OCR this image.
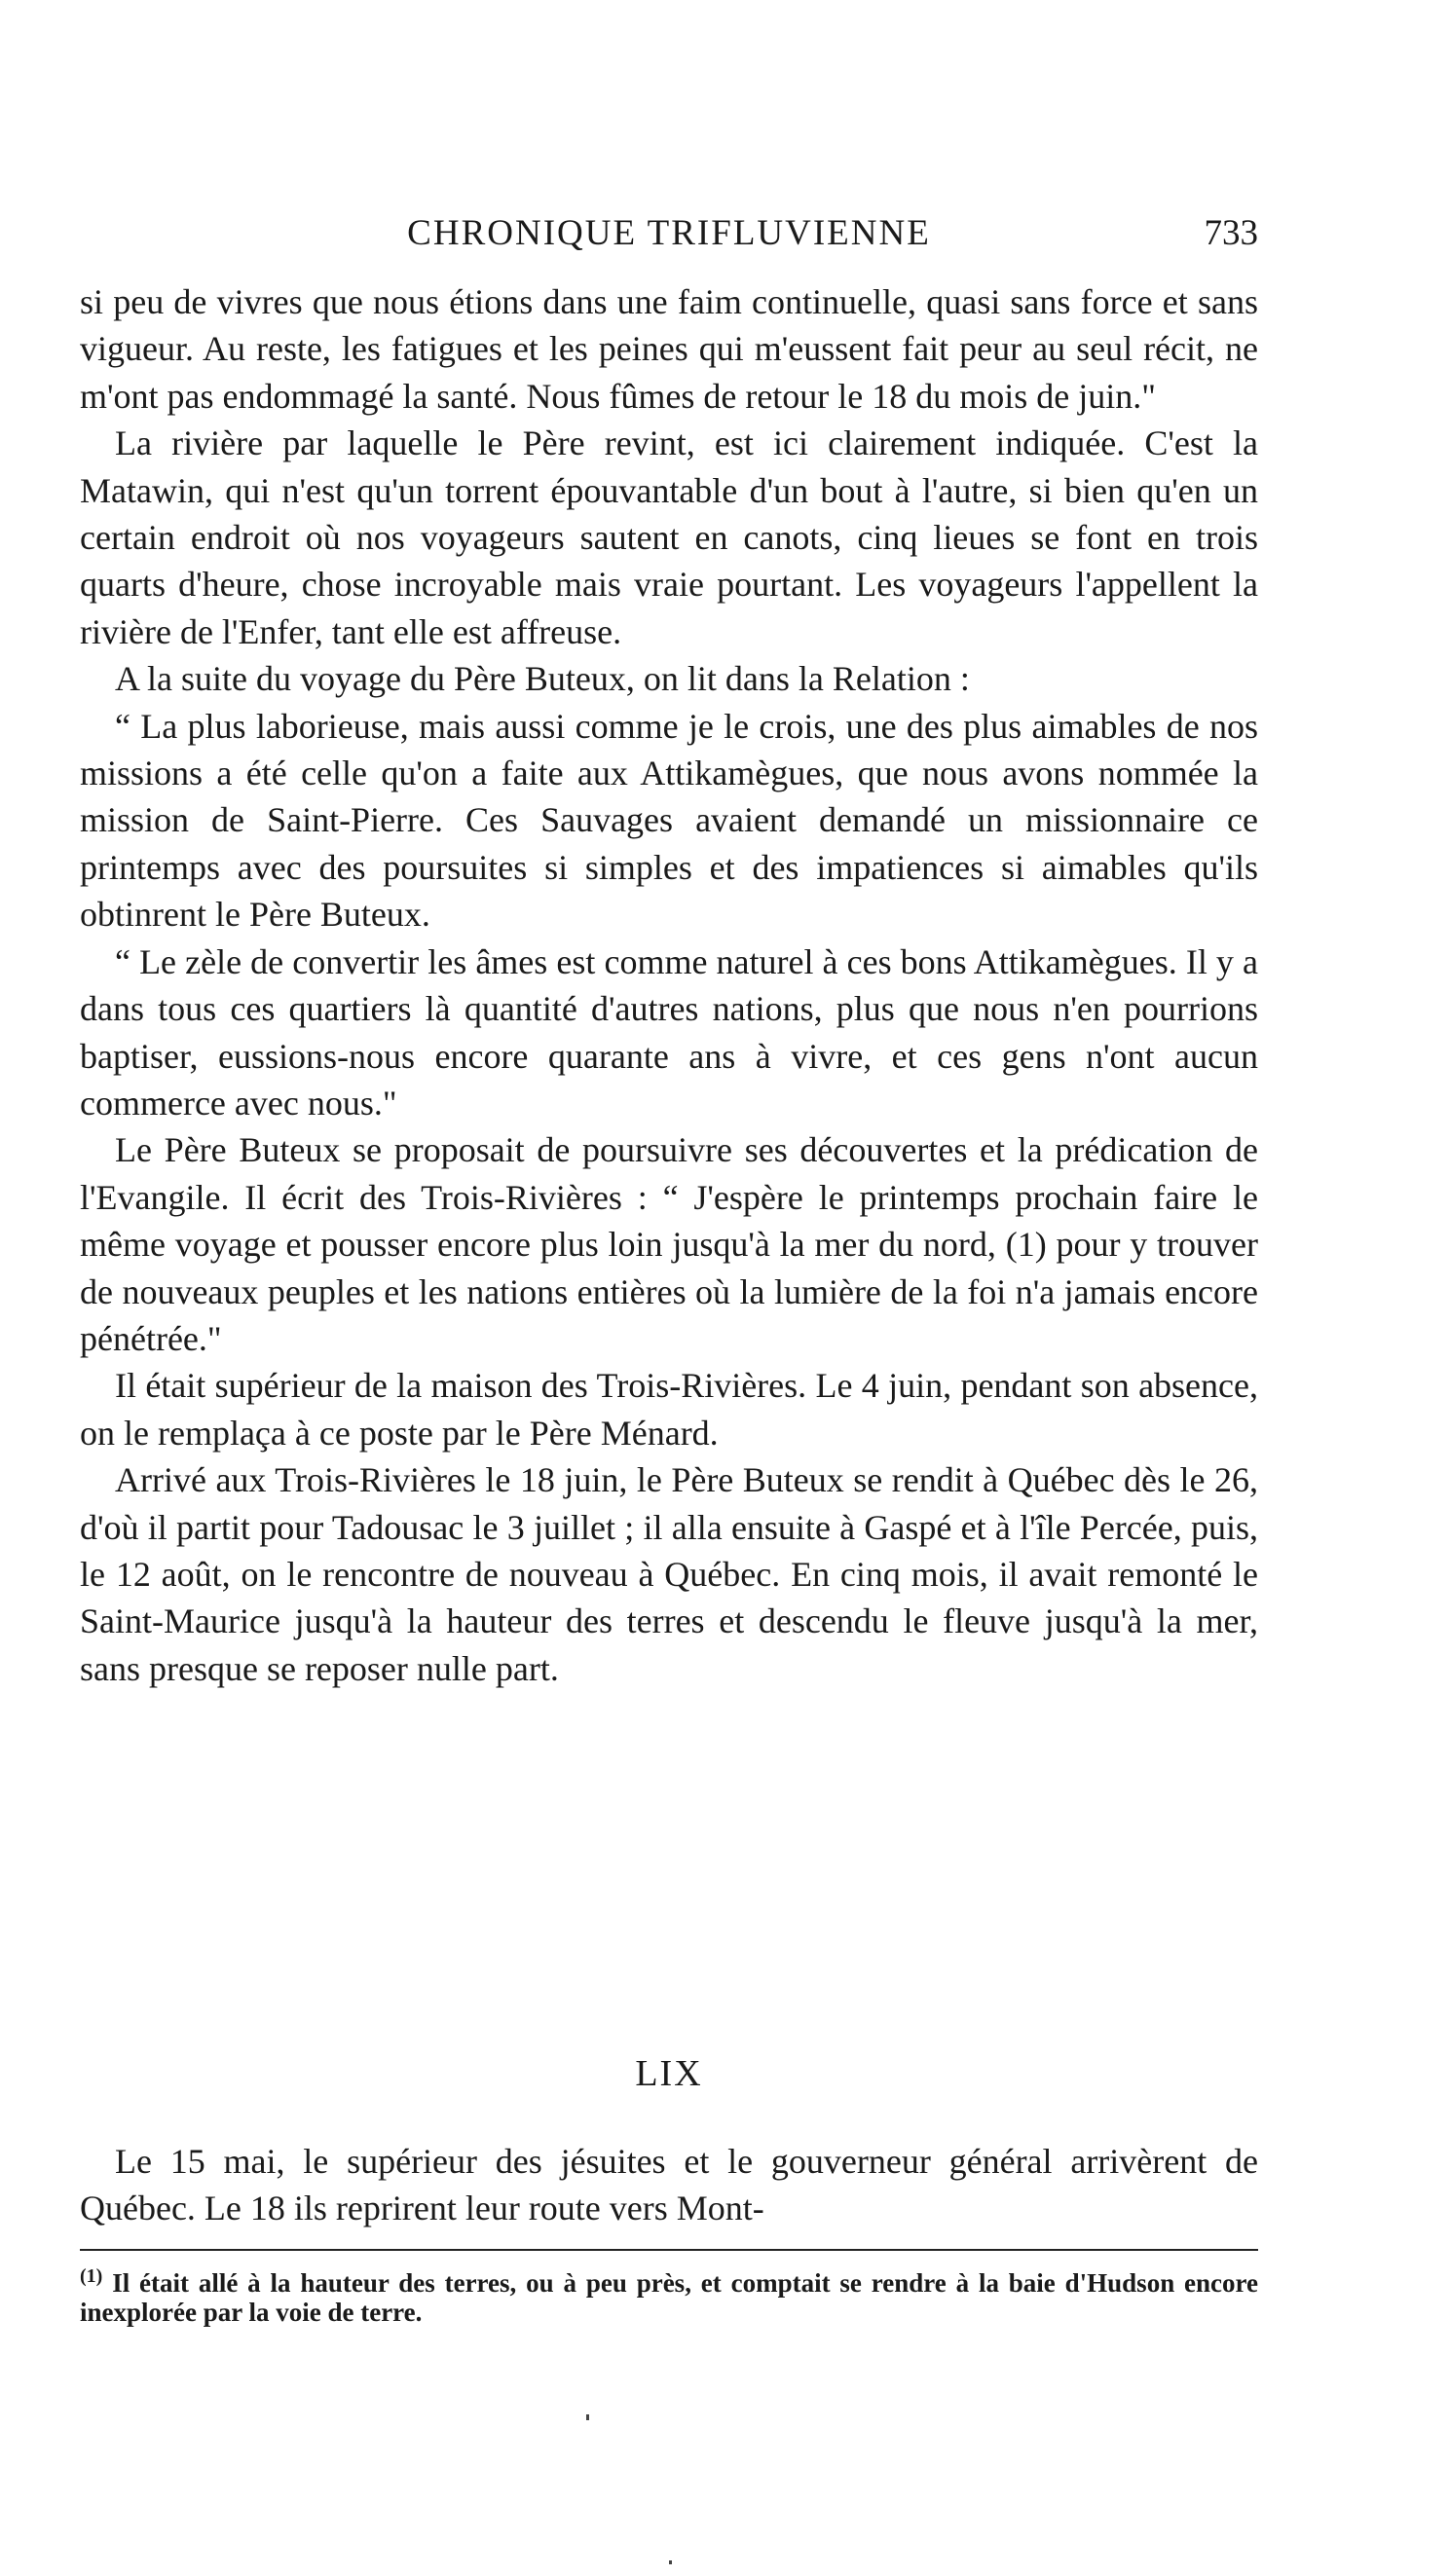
CHRONIQUE TRIFLUVIENNE	733

si peu de vivres que nous étions dans une faim continuelle, quasi sans force et sans vigueur. Au reste, les fatigues et les peines qui m'eussent fait peur au seul récit, ne m'ont pas endommagé la santé. Nous fûmes de retour le 18 du mois de juin."

La rivière par laquelle le Père revint, est ici clairement indiquée. C'est la Matawin, qui n'est qu'un torrent épouvantable d'un bout à l'autre, si bien qu'en un certain endroit où nos voyageurs sautent en canots, cinq lieues se font en trois quarts d'heure, chose incroyable mais vraie pourtant. Les voyageurs l'appellent la rivière de l'Enfer, tant elle est affreuse.

A la suite du voyage du Père Buteux, on lit dans la Relation :

“ La plus laborieuse, mais aussi comme je le crois, une des plus aimables de nos missions a été celle qu'on a faite aux Attikamègues, que nous avons nommée la mission de Saint-Pierre. Ces Sauvages avaient demandé un missionnaire ce printemps avec des poursuites si simples et des impatiences si aimables qu'ils obtinrent le Père Buteux.

“ Le zèle de convertir les âmes est comme naturel à ces bons Attikamègues. Il y a dans tous ces quartiers là quantité d'autres nations, plus que nous n'en pourrions baptiser, eussions-nous encore quarante ans à vivre, et ces gens n'ont aucun commerce avec nous."

Le Père Buteux se proposait de poursuivre ses découvertes et la prédication de l'Evangile. Il écrit des Trois-Rivières : “ J'espère le printemps prochain faire le même voyage et pousser encore plus loin jusqu'à la mer du nord, (1) pour y trouver de nouveaux peuples et les nations entières où la lumière de la foi n'a jamais encore pénétrée."

Il était supérieur de la maison des Trois-Rivières. Le 4 juin, pendant son absence, on le remplaça à ce poste par le Père Ménard.

Arrivé aux Trois-Rivières le 18 juin, le Père Buteux se rendit à Québec dès le 26, d'où il partit pour Tadousac le 3 juillet ; il alla ensuite à Gaspé et à l'île Percée, puis, le 12 août, on le rencontre de nouveau à Québec. En cinq mois, il avait remonté le Saint-Maurice jusqu'à la hauteur des terres et descendu le fleuve jusqu'à la mer, sans presque se reposer nulle part.

LIX

Le 15 mai, le supérieur des jésuites et le gouverneur général arrivèrent de Québec. Le 18 ils reprirent leur route vers Mont-

$^{(1)}$ Il était allé à la hauteur des terres, ou à peu près, et comptait se rendre à la baie d'Hudson encore inexplorée par la voie de terre.
